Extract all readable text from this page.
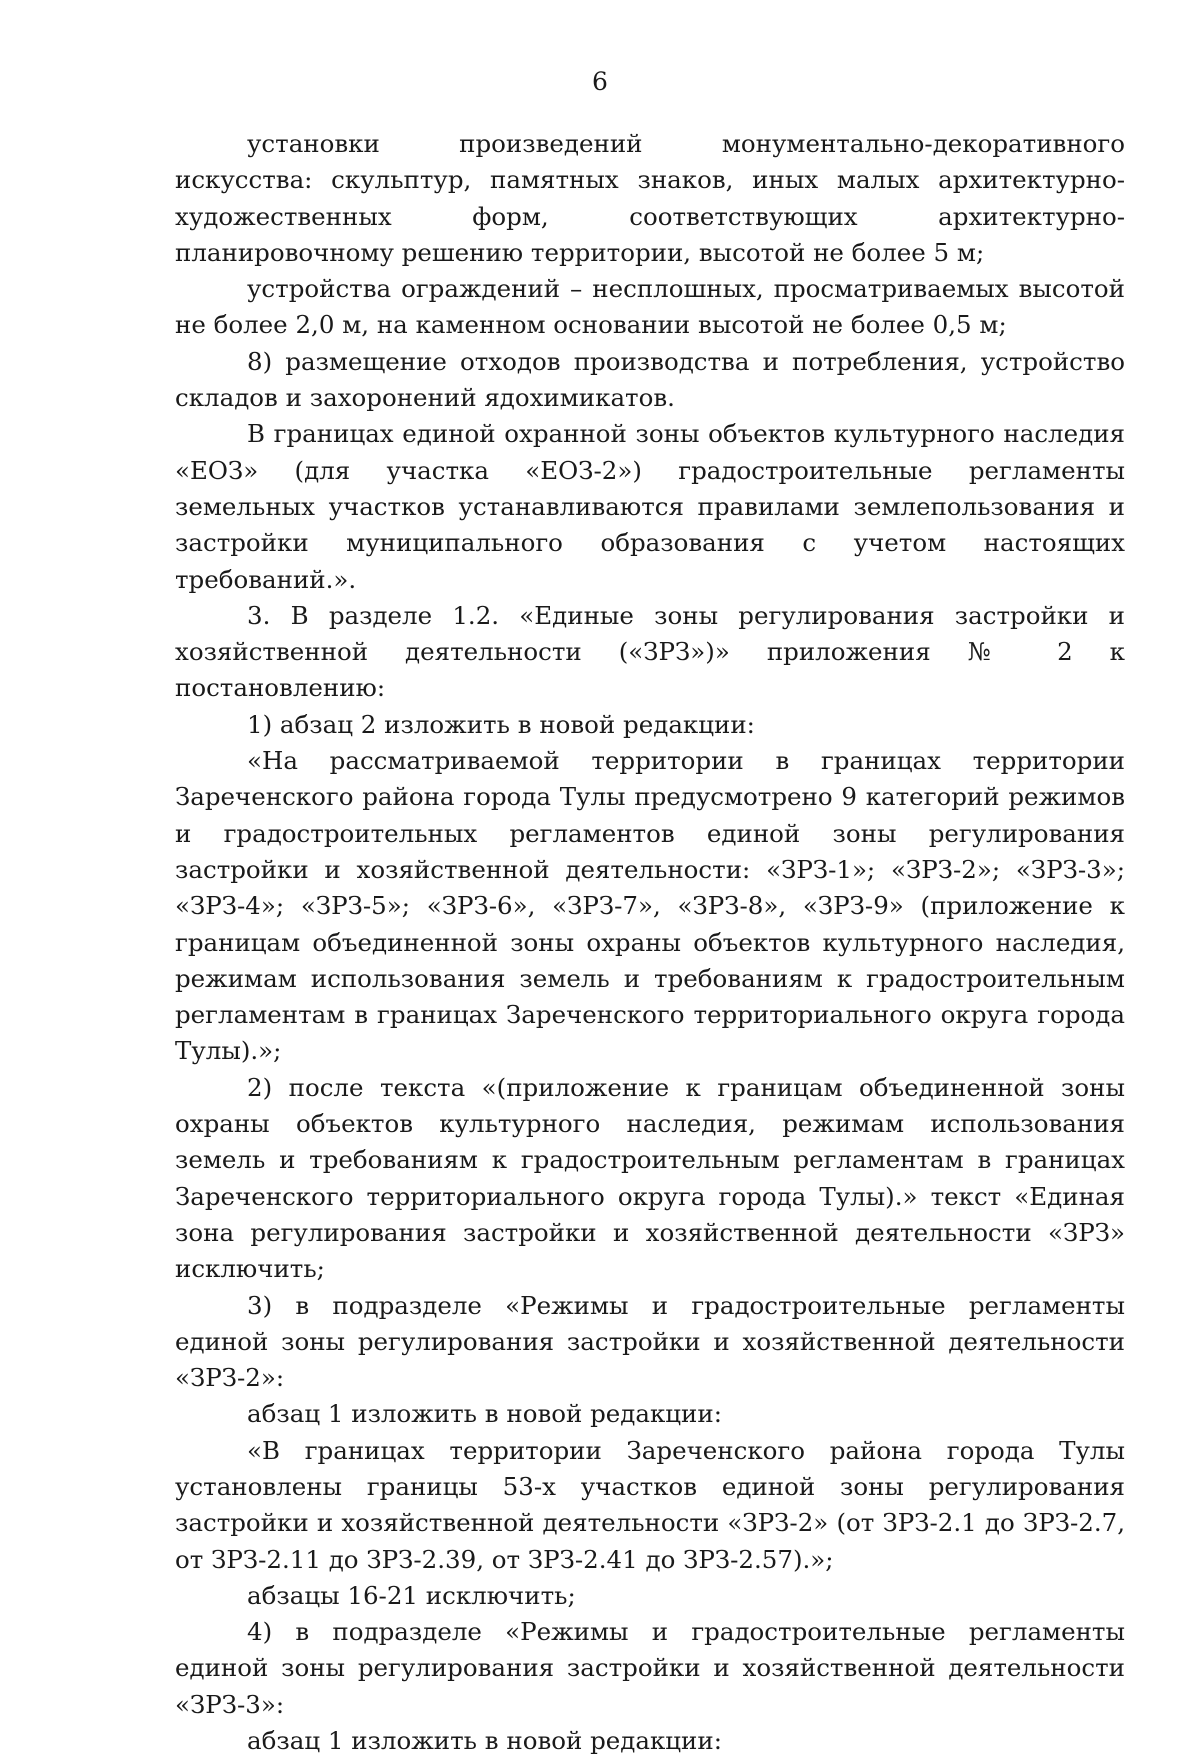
6

установки произведений монументально-декоративного искусства: скульптур, памятных знаков, иных малых архитектурно-художественных форм, соответствующих архитектурно-планировочному решению территории, высотой не более 5 м;

устройства ограждений – несплошных, просматриваемых высотой не более 2,0 м, на каменном основании высотой не более 0,5 м;

8) размещение отходов производства и потребления, устройство складов и захоронений ядохимикатов.

В границах единой охранной зоны объектов культурного наследия «ЕОЗ» (для участка «ЕОЗ-2») градостроительные регламенты земельных участков устанавливаются правилами землепользования и застройки муниципального образования с учетом настоящих требований.».

3. В разделе 1.2. «Единые зоны регулирования застройки и хозяйственной деятельности («ЗРЗ»)» приложения № 2 к постановлению:

1) абзац 2 изложить в новой редакции:

«На рассматриваемой территории в границах территории Зареченского района города Тулы предусмотрено 9 категорий режимов и градостроительных регламентов единой зоны регулирования застройки и хозяйственной деятельности: «ЗРЗ-1»; «ЗРЗ-2»; «ЗРЗ-3»; «ЗРЗ-4»; «ЗРЗ-5»; «ЗРЗ-6», «ЗРЗ-7», «ЗРЗ-8», «ЗРЗ-9» (приложение к границам объединенной зоны охраны объектов культурного наследия, режимам использования земель и требованиям к градостроительным регламентам в границах Зареченского территориального округа города Тулы).»;

2) после текста «(приложение к границам объединенной зоны охраны объектов культурного наследия, режимам использования земель и требованиям к градостроительным регламентам в границах Зареченского территориального округа города Тулы).» текст «Единая зона регулирования застройки и хозяйственной деятельности «ЗРЗ» исключить;

3) в подразделе «Режимы и градостроительные регламенты единой зоны регулирования застройки и хозяйственной деятельности «ЗРЗ-2»:

абзац 1 изложить в новой редакции:

«В границах территории Зареченского района города Тулы установлены границы 53-х участков единой зоны регулирования застройки и хозяйственной деятельности «ЗРЗ-2» (от ЗРЗ-2.1 до ЗРЗ-2.7, от ЗРЗ-2.11 до ЗРЗ-2.39, от ЗРЗ-2.41 до ЗРЗ-2.57).»;

абзацы 16-21 исключить;

4) в подразделе «Режимы и градостроительные регламенты единой зоны регулирования застройки и хозяйственной деятельности «ЗРЗ-3»:

абзац 1 изложить в новой редакции:
